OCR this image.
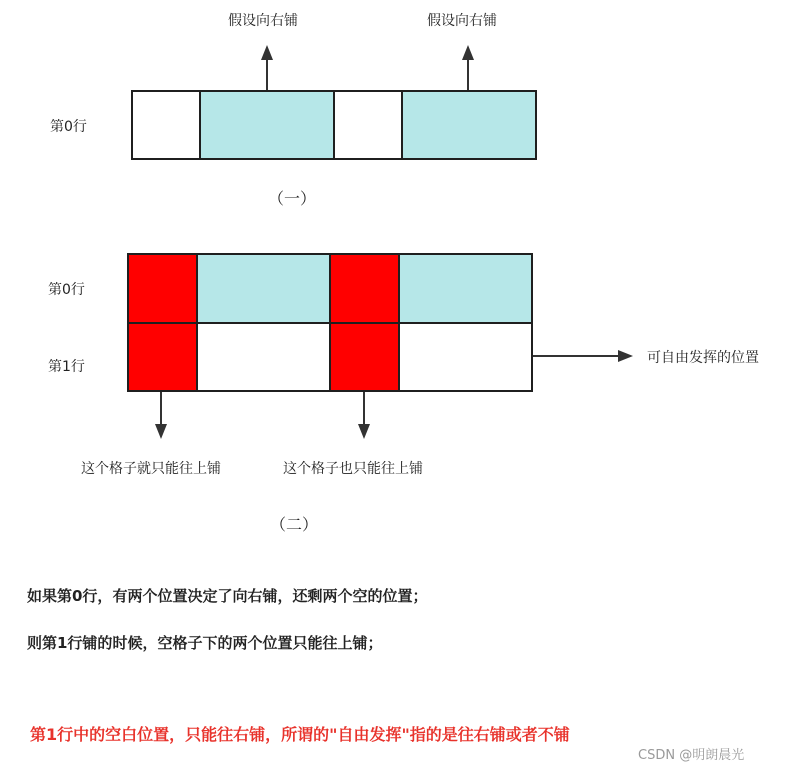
假设向右铺	假设向右铺
第0行
（一）
第0行
第1行
可自由发挥的位置
这个格子就只能往上铺	这个格子也只能往上铺
（二）
如果第0行，有两个位置决定了向右铺，还剩两个空的位置；
则第1行铺的时候，空格子下的两个位置只能往上铺；
第1行中的空白位置，只能往右铺，所谓的"自由发挥"指的是往右铺或者不铺
CSDN @明朗晨光
